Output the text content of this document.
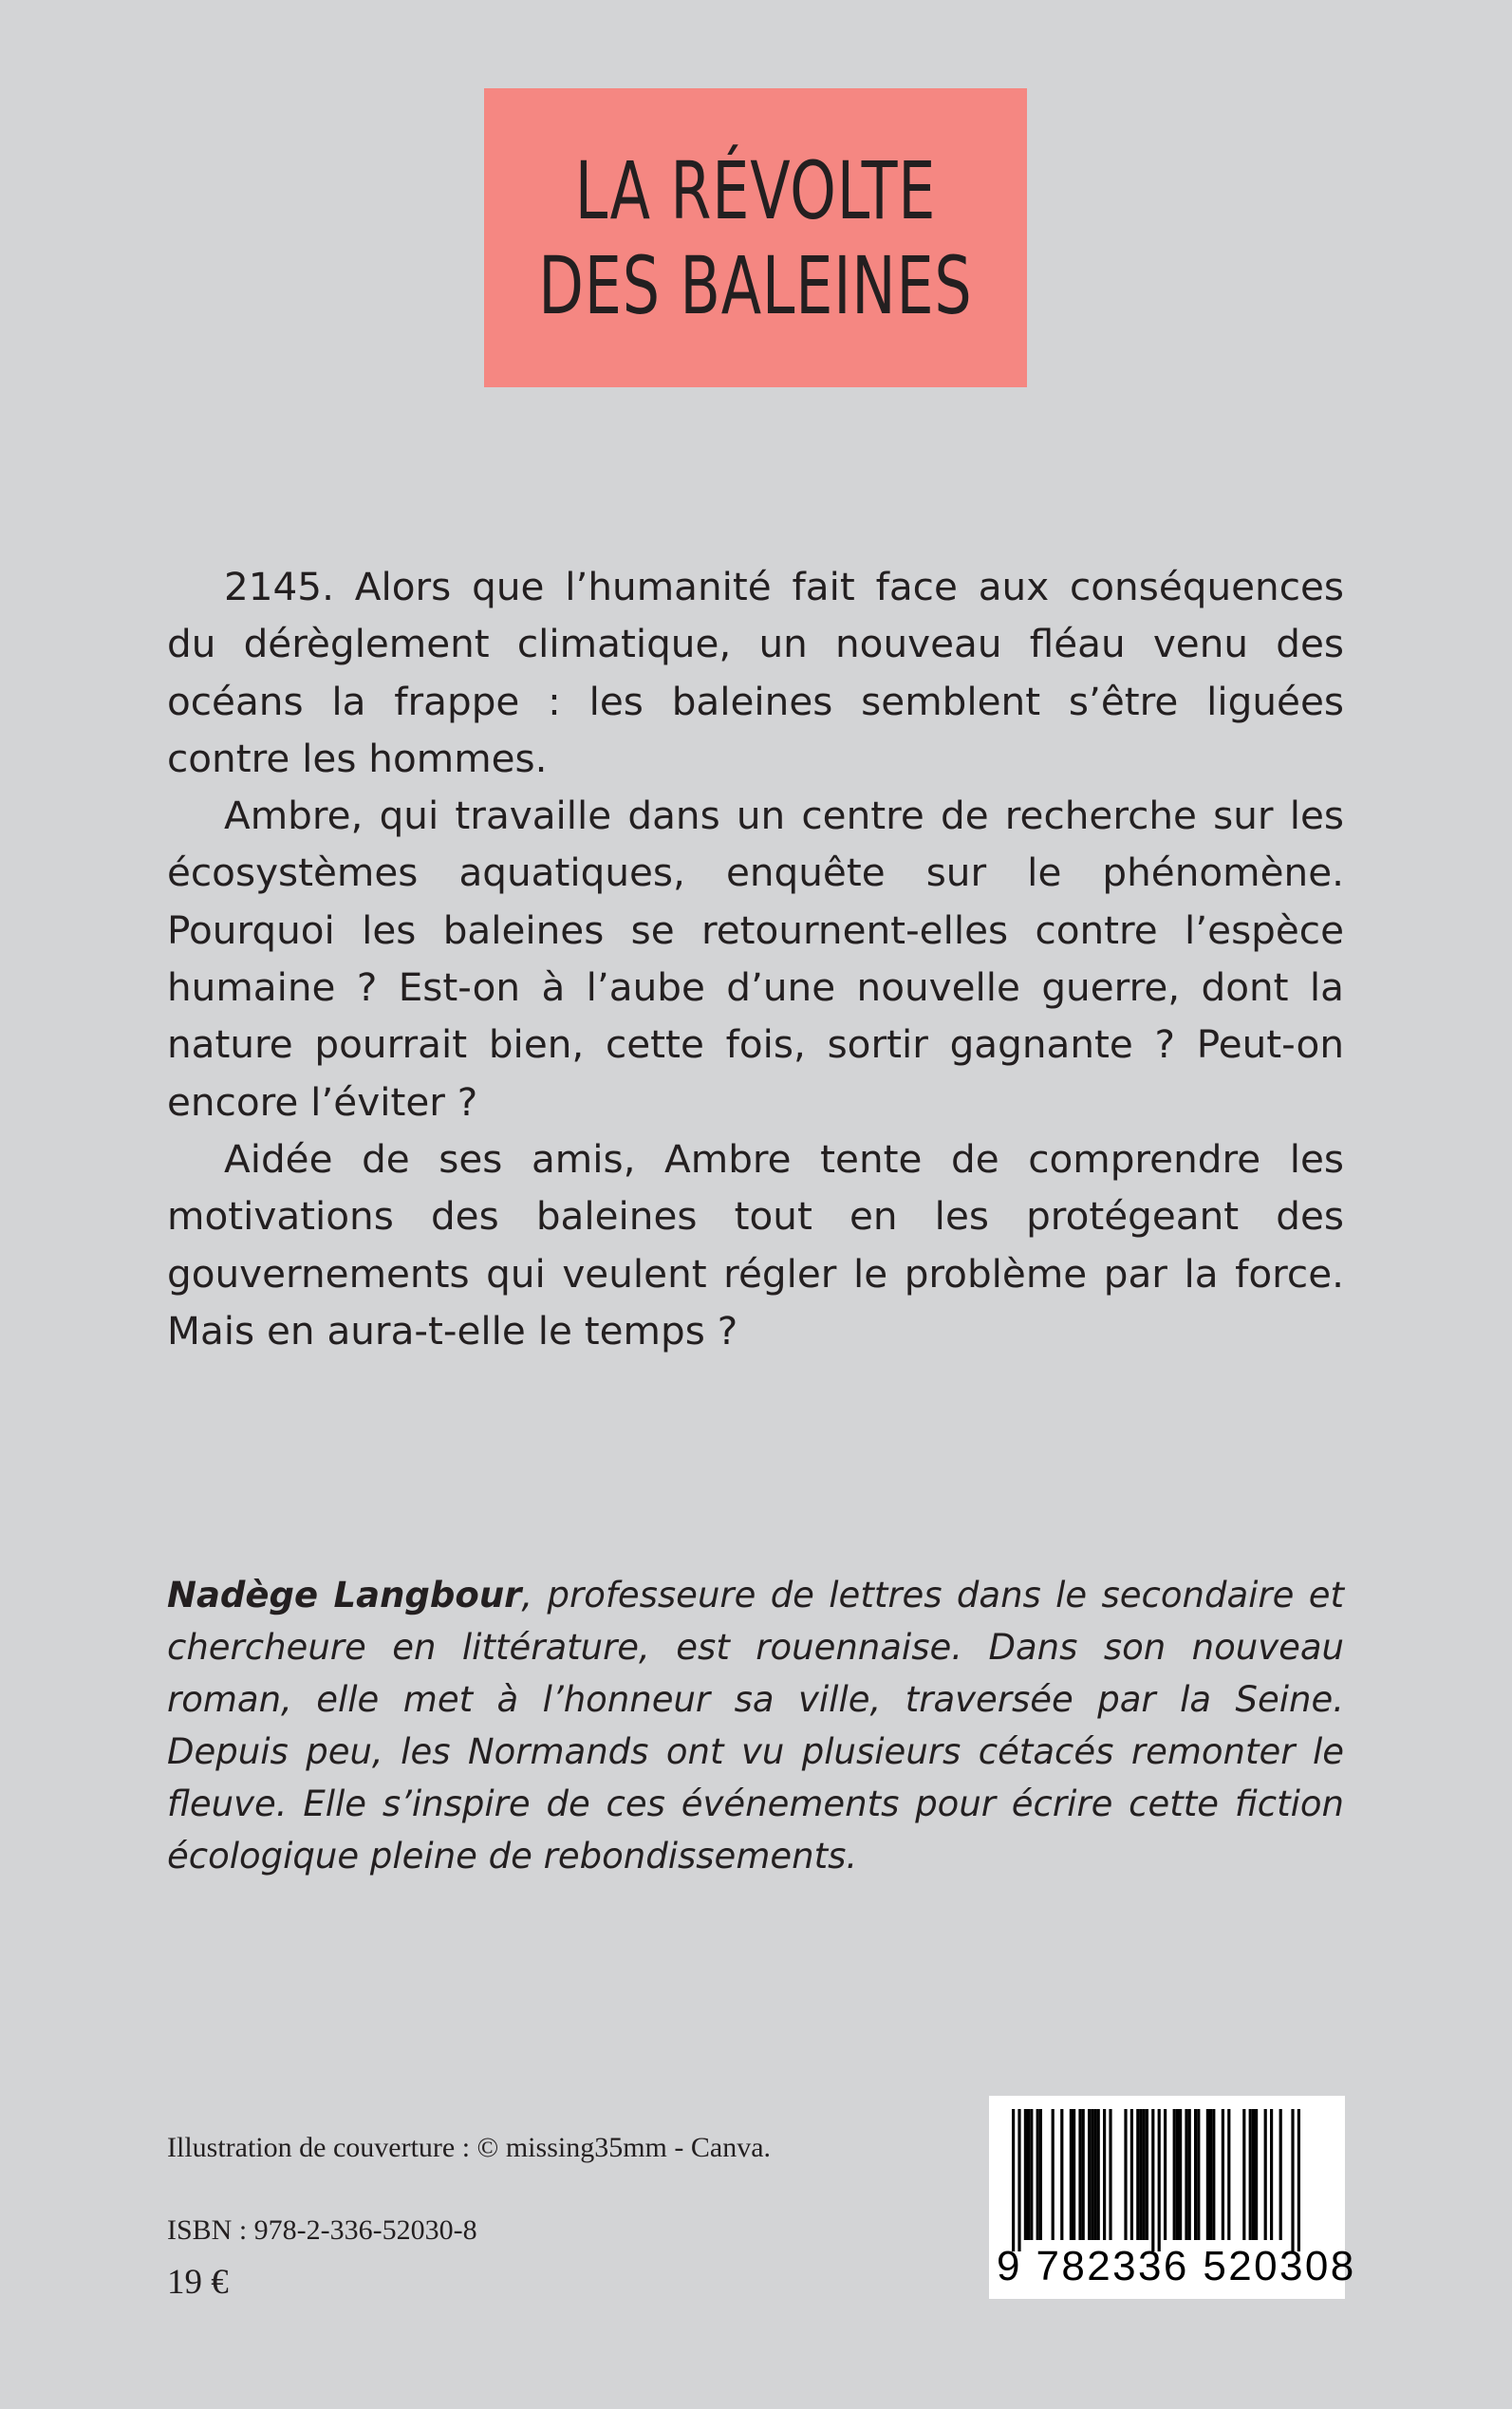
LA RÉVOLTE
DES BALEINES

2145. Alors que l’humanité fait face aux conséquences du dérèglement climatique, un nouveau fléau venu des océans la frappe : les baleines semblent s’être liguées contre les hommes.

Ambre, qui travaille dans un centre de recherche sur les écosystèmes aquatiques, enquête sur le phénomène. Pourquoi les baleines se retournent-elles contre l’espèce humaine ? Est-on à l’aube d’une nouvelle guerre, dont la nature pourrait bien, cette fois, sortir gagnante ? Peut-on encore l’éviter ?

Aidée de ses amis, Ambre tente de comprendre les motivations des baleines tout en les protégeant des gouvernements qui veulent régler le problème par la force. Mais en aura-t-elle le temps ?

Nadège Langbour, professeure de lettres dans le secondaire et chercheure en littérature, est rouennaise. Dans son nouveau roman, elle met à l’honneur sa ville, traversée par la Seine. Depuis peu, les Normands ont vu plusieurs cétacés remonter le fleuve. Elle s’inspire de ces événements pour écrire cette fiction écologique pleine de rebondissements.
Illustration de couverture : © missing35mm - Canva.
ISBN : 978-2-336-52030-8
19 €	9 782336 520308
